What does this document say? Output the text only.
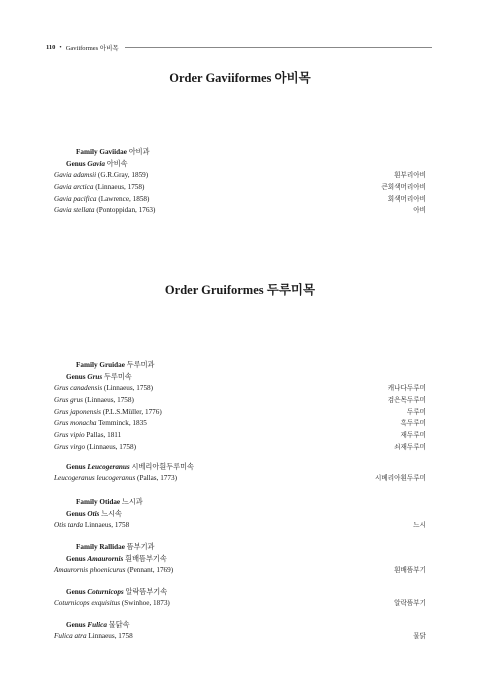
110 • Gaviiformes 아비목
Order Gaviiformes 아비목
Family Gaviidae 아비과
Genus Gavia 아비속
Gavia adamsii (G.R.Gray, 1859)	흰부리아비
Gavia arctica (Linnaeus, 1758)	큰회색머리아비
Gavia pacifica (Lawrence, 1858)	회색머리아비
Gavia stellata (Pontoppidan, 1763)	아비
Order Gruiformes 두루미목
Family Gruidae 두루미과
Genus Grus 두루미속
Grus canadensis (Linnaeus, 1758)	캐나다두루미
Grus grus (Linnaeus, 1758)	검은목두루미
Grus japonensis (P.L.S.Müller, 1776)	두루미
Grus monacha Temminck, 1835	흑두루미
Grus vipio Pallas, 1811	재두루미
Grus virgo (Linnaeus, 1758)	쇠재두루미
Genus Leucogeranus 시베리아흰두루미속
Leucogeranus leucogeranus (Pallas, 1773)	시베리아흰두루미
Family Otidae 느시과
Genus Otis 느시속
Otis tarda Linnaeus, 1758	느시
Family Rallidae 뜸부기과
Genus Amaurornis 흰배뜸부기속
Amaurornis phoenicurus (Pennant, 1769)	흰배뜸부기
Genus Coturnicops 알락뜸부기속
Coturnicops exquisitus (Swinhoe, 1873)	알락뜸부기
Genus Fulica 물닭속
Fulica atra Linnaeus, 1758	물닭
